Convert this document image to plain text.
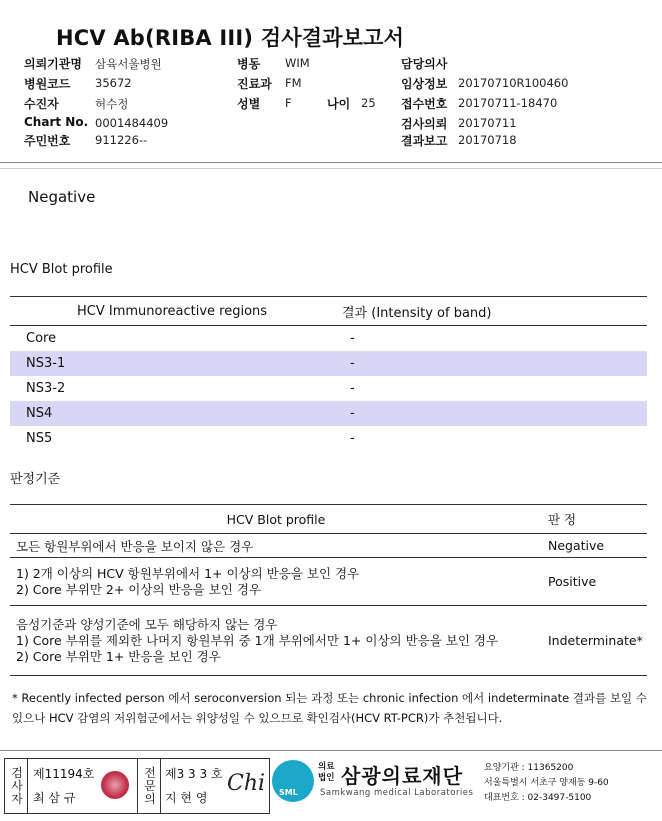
HCV Ab(RIBA III) 검사결과보고서
의뢰기관명 삼육서울병원
병원코드 35672
수진자	허수정
Chart No. 0001484409
주민번호 911226--
병동 WIM
진료과 FM
성별 F	나이 25
담당의사
임상정보 20170710R100460
접수번호 20170711-18470
검사의뢰 20170711
결과보고 20170718
Negative
HCV Blot profile
HCV Immunoreactive regions	결과 (Intensity of band)
Core	-
NS3-1	-
NS3-2	-
NS4	-
NS5	-
판정기준
HCV Blot profile	판 정
모든 항원부위에서 반응을 보이지 않은 경우	Negative

1) 2개 이상의 HCV 항원부위에서 1+ 이상의 반응을 보인 경우
2) Core 부위만 2+ 이상의 반응을 보인 경우	Positive

음성기준과 양성기준에 모두 해당하지 않는 경우
1) Core 부위를 제외한 나머지 항원부위 중 1개 부위에서만 1+ 이상의 반응을 보인 경우
2) Core 부위만 1+ 반응을 보인 경우	Indeterminate*
* Recently infected person 에서 seroconversion 되는 과정 또는 chronic infection 에서 indeterminate 결과를 보일 수 있으나 HCV 감염의 저위험군에서는 위양성일 수 있으므로 확인검사(HCV RT-PCR)가 추천됩니다.
검사자
제11194호
최 삼 규
전문의
제3 3 3 호
지 현 영
Chi SML
의료
법인 삼광의료재단
Samkwang medical Laboratories
요양기관 : 11365200
서울특별시 서초구 양재동 9-60
대표번호 : 02-3497-5100
